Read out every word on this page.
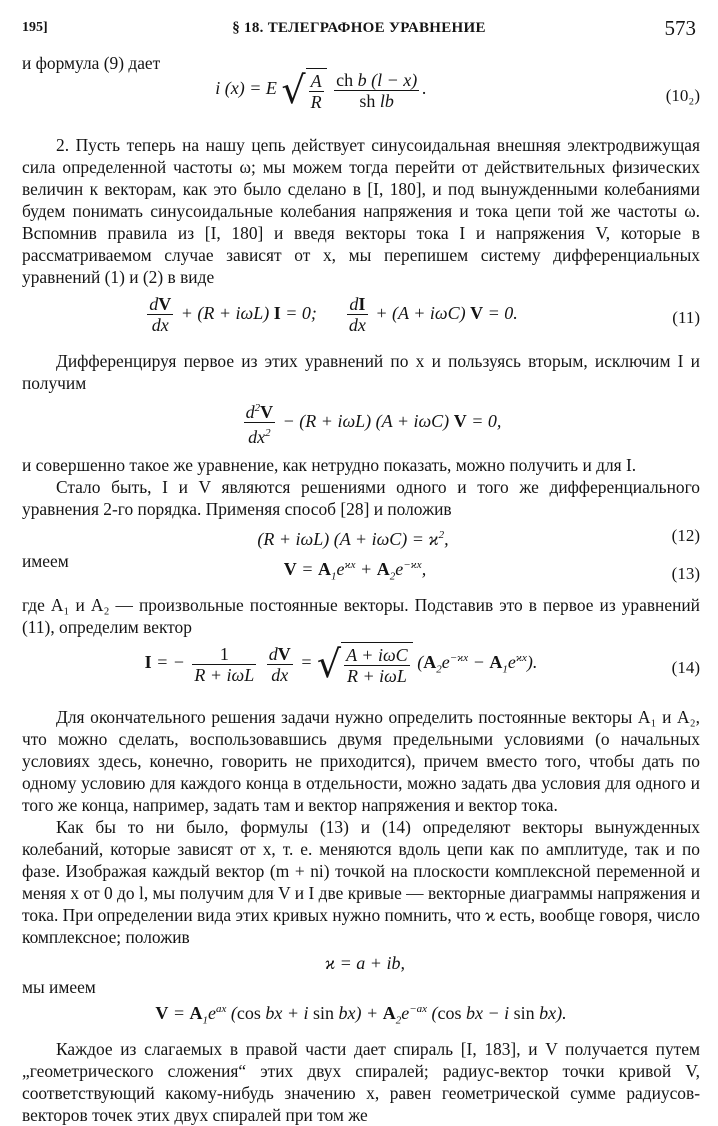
195]	§ 18. ТЕЛЕГРАФНОЕ УРАВНЕНИЕ	573
и формула (9) дает
i (x) = E √ $\frac{A}{R}$
$\frac{\text{ch b (l − x)}}{\text{sh lb}}$ .	(10₂)

2. Пусть теперь на нашу цепь действует синусоидальная внешняя электродвижущая сила определенной частоты ω; мы можем тогда перейти от действительных физических величин к векторам, как это было сделано в [I, 180], и под вынужденными колебаниями будем понимать синусоидальные колебания напряжения и тока цепи той же частоты ω. Вспомнив правила из [I, 180] и введя векторы тока I и напряжения V, которые в рассматриваемом случае зависят от x, мы перепишем систему дифференциальных уравнений (1) и (2) в виде

$\frac{dV}{dx} + (R + i\omega L) I = 0$; $\frac{dI}{dx} + (A + i\omega C) V = 0$.	(11)

Дифференцируя первое из этих уравнений по x и пользуясь вторым, исключим I и получим

$\frac{d^2V}{dx^2} - (R + i\omega L) (A + i\omega C) V = 0$,

и совершенно такое же уравнение, как нетрудно показать, можно получить и для I.

Стало быть, I и V являются решениями одного и того же дифференциального уравнения 2-го порядка. Применяя способ [28] и положив

(R + iωL) $(A + i\omega C) = ϰ^2$,	(12)
имеем	$V = A_1e^{ϰx} + A_2e^{-ϰx}$,	(13)

где A₁ и A₂ — произвольные постоянные векторы. Подставив это в первое из уравнений (11), определим вектор

I = − $\frac{1}{\text{R + iωL}}$
$\frac{dV}{dx}$ = √ $\frac{\text{A + iωC}}{\text{R + iωL}} (A_2e^{-ϰx} - A_1e^{ϰx})$.	(14)

Для окончательного решения задачи нужно определить постоянные векторы A₁ и A₂, что можно сделать, воспользовавшись двумя предельными условиями (о начальных условиях здесь, конечно, говорить не приходится), причем вместо того, чтобы дать по одному условию для каждого конца в отдельности, можно задать два условия для одного и того же конца, например, задать там и вектор напряжения и вектор тока.

Как бы то ни было, формулы (13) и (14) определяют векторы вынужденных колебаний, которые зависят от x, т. е. меняются вдоль цепи как по амплитуде, так и по фазе. Изображая каждый вектор (m + ni) точкой на плоскости комплексной переменной и меняя x от 0 до l, мы получим для V и I две кривые — векторные диаграммы напряжения и тока. При определении вида этих кривых нужно помнить, что ϰ есть, вообще говоря, число комплексное; положив

ϰ = a + ib,
мы имеем
$V = A_1e^{ax}$ (cos bx + i $\sin bx) + A_2e^{-ax}$ (cos bx − i sin bx).

Каждое из слагаемых в правой части дает спираль [I, 183], и V получается путем „геометрического сложения“ этих двух спиралей; радиус-вектор точки кривой V, соответствующий какому-нибудь значению x, равен геометрической сумме радиусов-векторов точек этих двух спиралей при том же
